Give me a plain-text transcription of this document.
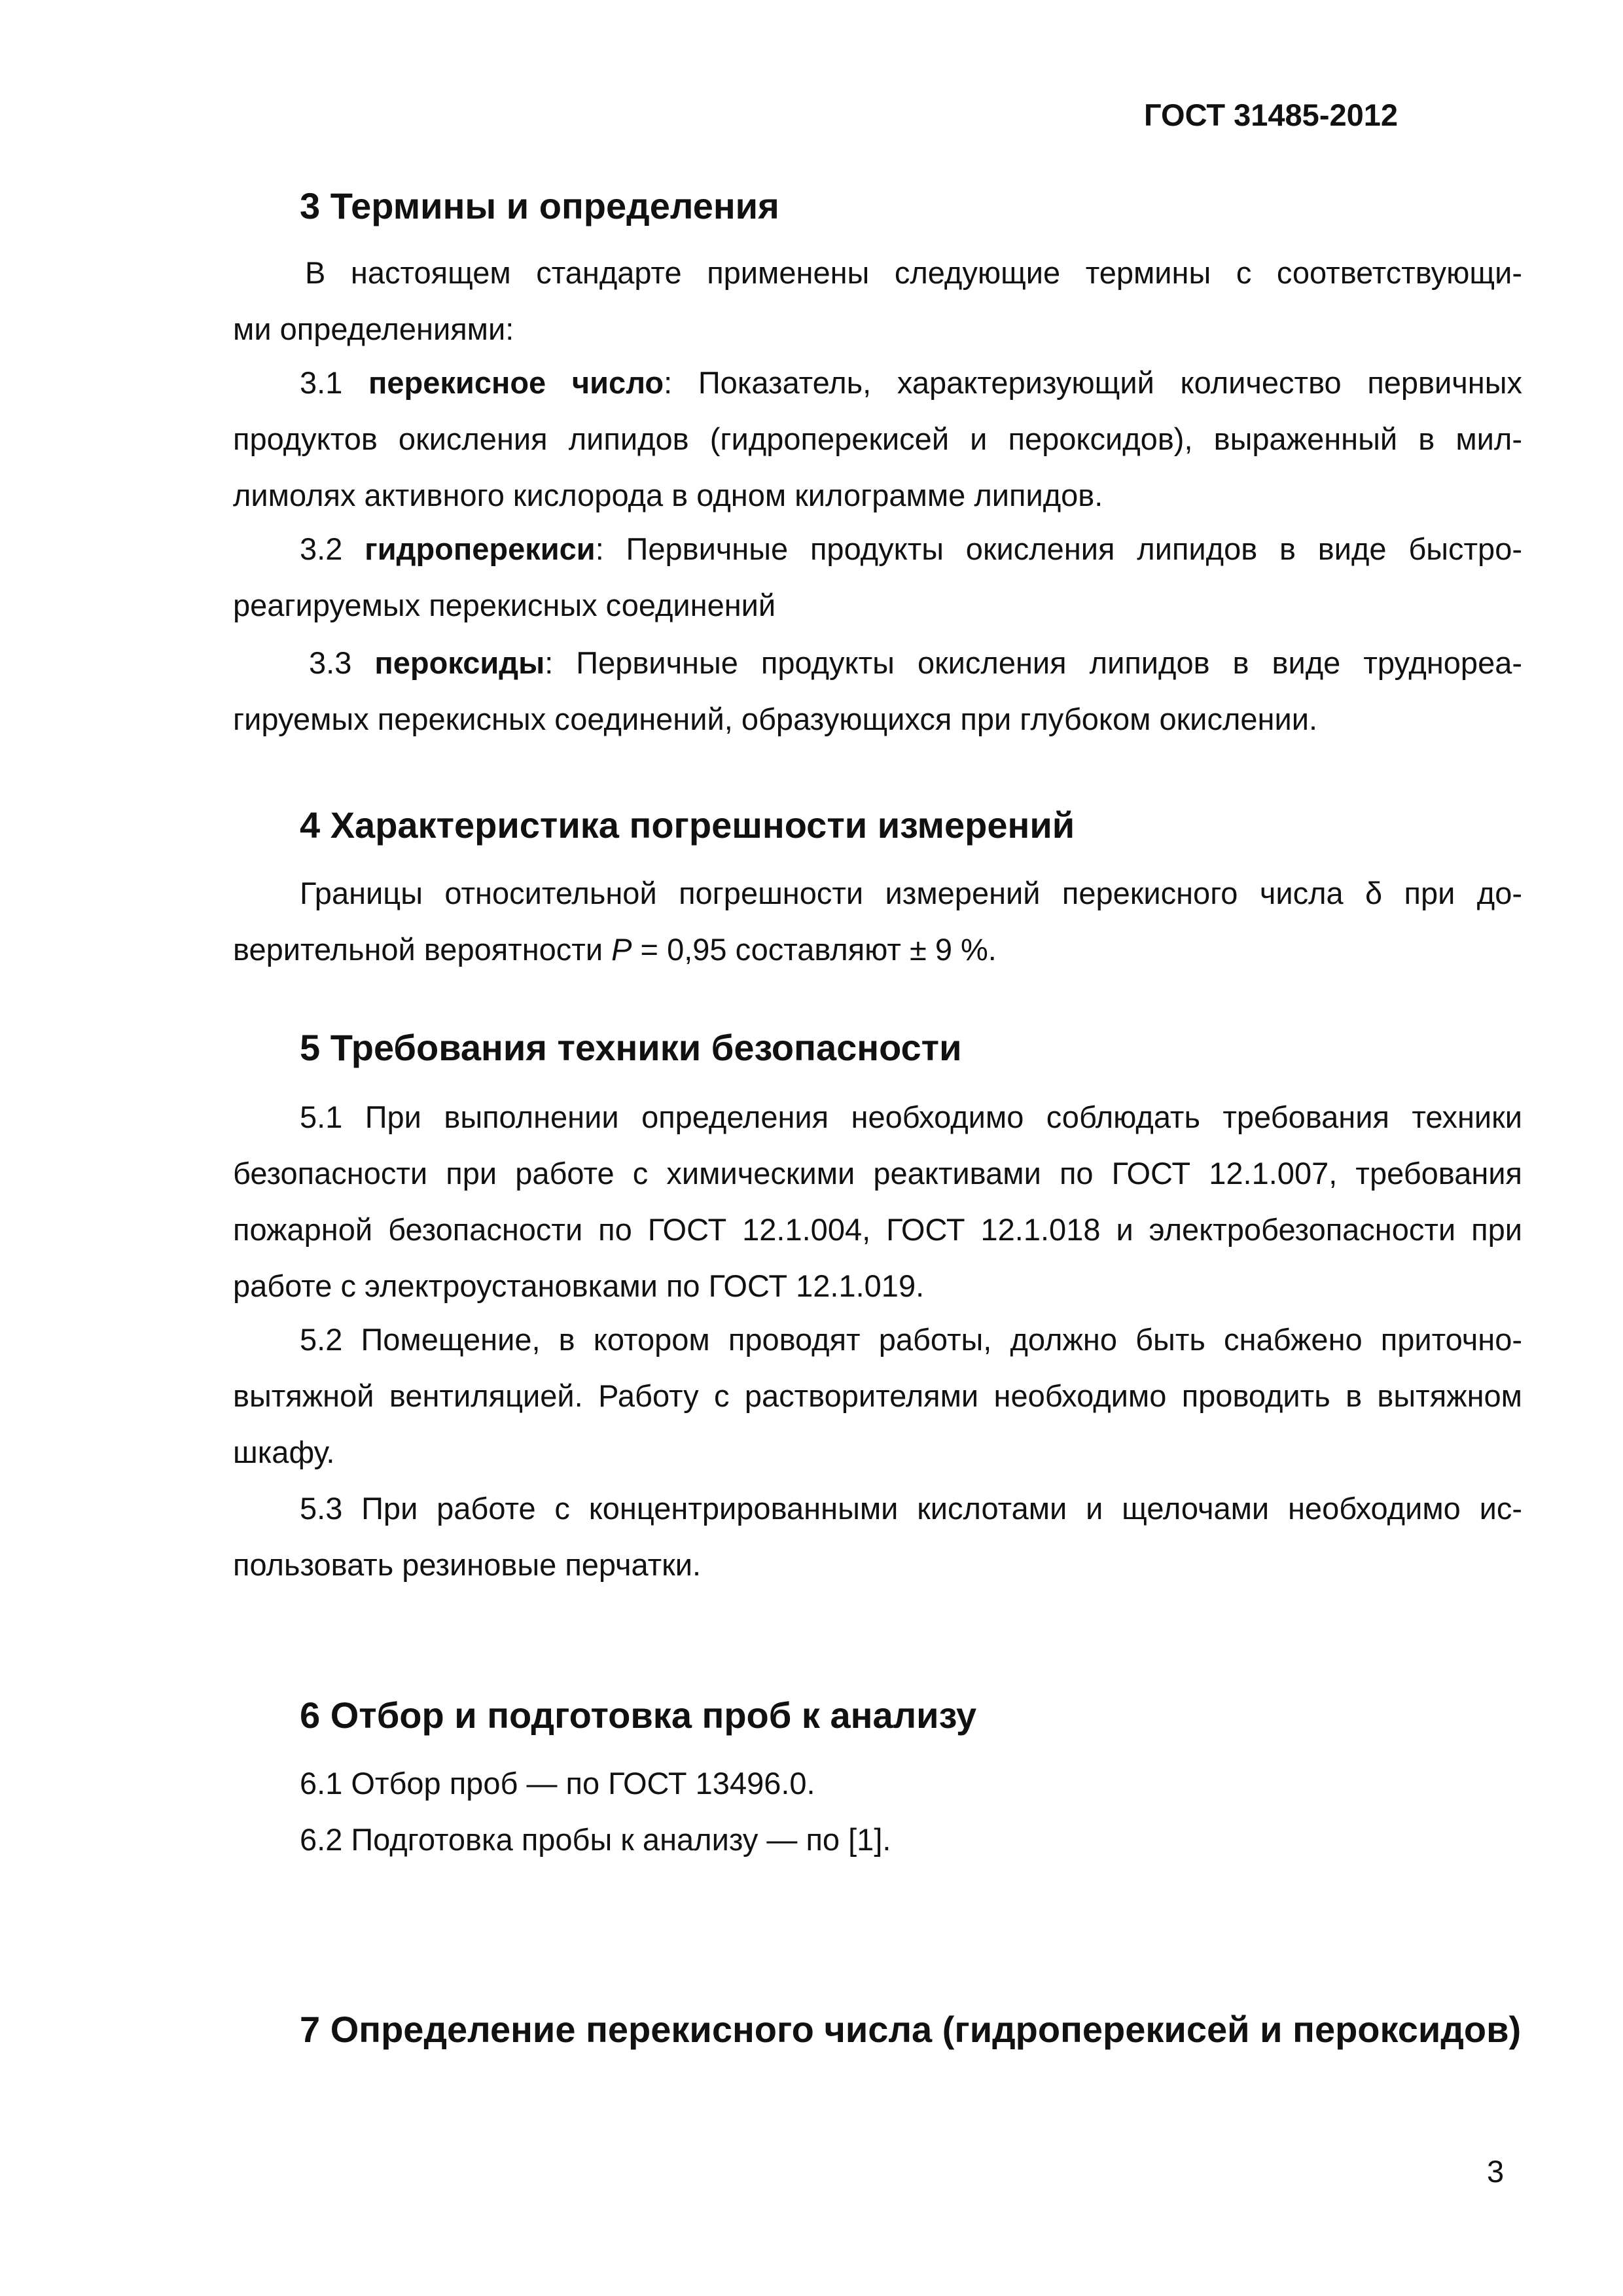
ГОСТ 31485-2012
3 Термины и определения
В настоящем стандарте применены следующие термины с соответствующи-
ми определениями:
3.1 перекисное число: Показатель, характеризующий количество первичных
продуктов окисления липидов (гидроперекисей и пероксидов), выраженный в мил-
лимолях активного кислорода в одном килограмме липидов.
3.2 гидроперекиси: Первичные продукты окисления липидов в виде быстро-
реагируемых перекисных соединений
3.3 пероксиды: Первичные продукты окисления липидов в виде труднореа-
гируемых перекисных соединений, образующихся при глубоком окислении.
4 Характеристика погрешности измерений
Границы относительной погрешности измерений перекисного числа δ при до-
верительной вероятности P = 0,95 составляют ± 9 %.
5 Требования техники безопасности
5.1 При выполнении определения необходимо соблюдать требования техники
безопасности при работе с химическими реактивами по ГОСТ 12.1.007, требования
пожарной безопасности по ГОСТ 12.1.004, ГОСТ 12.1.018 и электробезопасности при
работе с электроустановками по ГОСТ 12.1.019.
5.2 Помещение, в котором проводят работы, должно быть снабжено приточно-
вытяжной вентиляцией. Работу с растворителями необходимо проводить в вытяжном
шкафу.
5.3 При работе с концентрированными кислотами и щелочами необходимо ис-
пользовать резиновые перчатки.
6 Отбор и подготовка проб к анализу
6.1 Отбор проб — по ГОСТ 13496.0.
6.2 Подготовка пробы к анализу — по [1].
7 Определение перекисного числа (гидроперекисей и пероксидов)
3
